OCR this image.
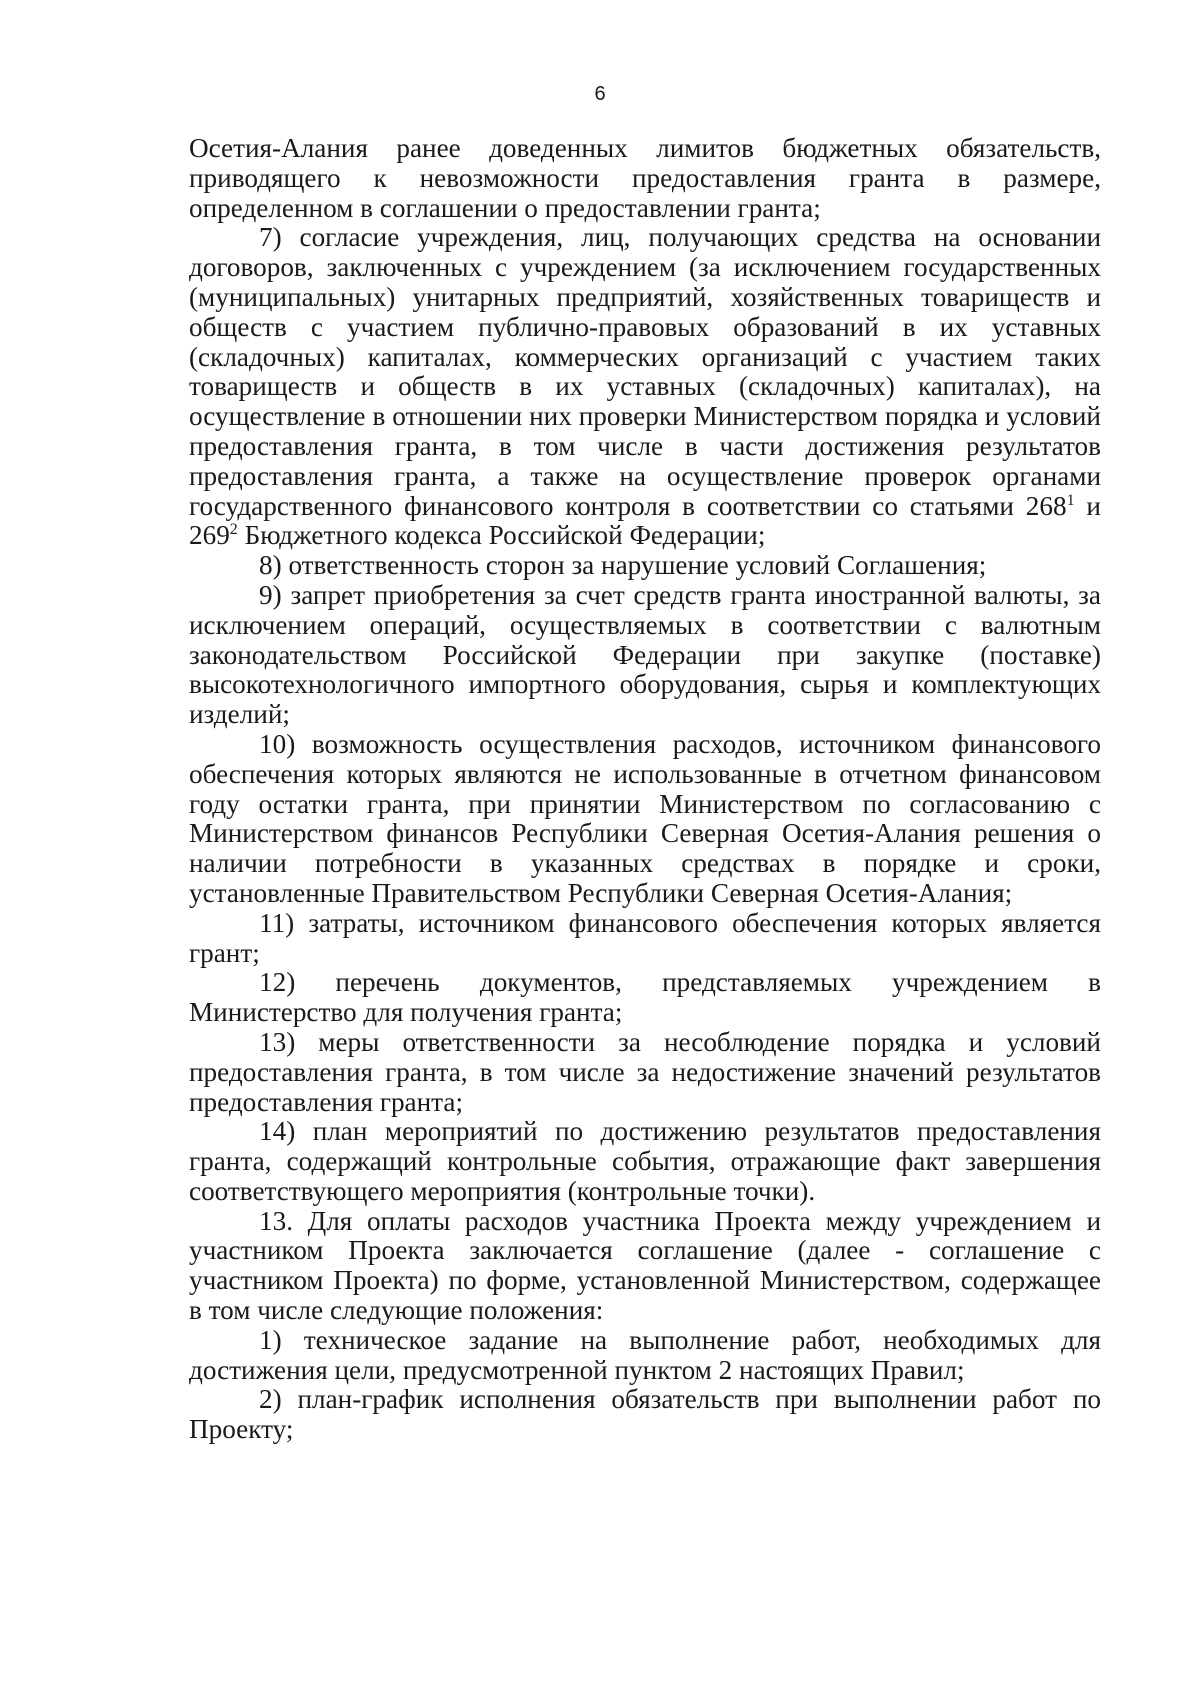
6

Осетия-Алания ранее доведенных лимитов бюджетных обязательств, приводящего к невозможности предоставления гранта в размере, определенном в соглашении о предоставлении гранта;

7) согласие учреждения, лиц, получающих средства на основании договоров, заключенных с учреждением (за исключением государственных (муниципальных) унитарных предприятий, хозяйственных товариществ и обществ с участием публично-правовых образований в их уставных (складочных) капиталах, коммерческих организаций с участием таких товариществ и обществ в их уставных (складочных) капиталах), на осуществление в отношении них проверки Министерством порядка и условий предоставления гранта, в том числе в части достижения результатов предоставления гранта, а также на осуществление проверок органами государственного финансового контроля в соответствии со статьями $268^1$ и $269^2$ Бюджетного кодекса Российской Федерации;

8) ответственность сторон за нарушение условий Соглашения;

9) запрет приобретения за счет средств гранта иностранной валюты, за исключением операций, осуществляемых в соответствии с валютным законодательством Российской Федерации при закупке (поставке) высокотехнологичного импортного оборудования, сырья и комплектующих изделий;

10) возможность осуществления расходов, источником финансового обеспечения которых являются не использованные в отчетном финансовом году остатки гранта, при принятии Министерством по согласованию с Министерством финансов Республики Северная Осетия-Алания решения о наличии потребности в указанных средствах в порядке и сроки, установленные Правительством Республики Северная Осетия-Алания;

11) затраты, источником финансового обеспечения которых является грант;

12) перечень документов, представляемых учреждением в Министерство для получения гранта;

13) меры ответственности за несоблюдение порядка и условий предоставления гранта, в том числе за недостижение значений результатов предоставления гранта;

14) план мероприятий по достижению результатов предоставления гранта, содержащий контрольные события, отражающие факт завершения соответствующего мероприятия (контрольные точки).

13. Для оплаты расходов участника Проекта между учреждением и участником Проекта заключается соглашение (далее - соглашение с участником Проекта) по форме, установленной Министерством, содержащее в том числе следующие положения:

1) техническое задание на выполнение работ, необходимых для достижения цели, предусмотренной пунктом 2 настоящих Правил;

2) план-график исполнения обязательств при выполнении работ по Проекту;
